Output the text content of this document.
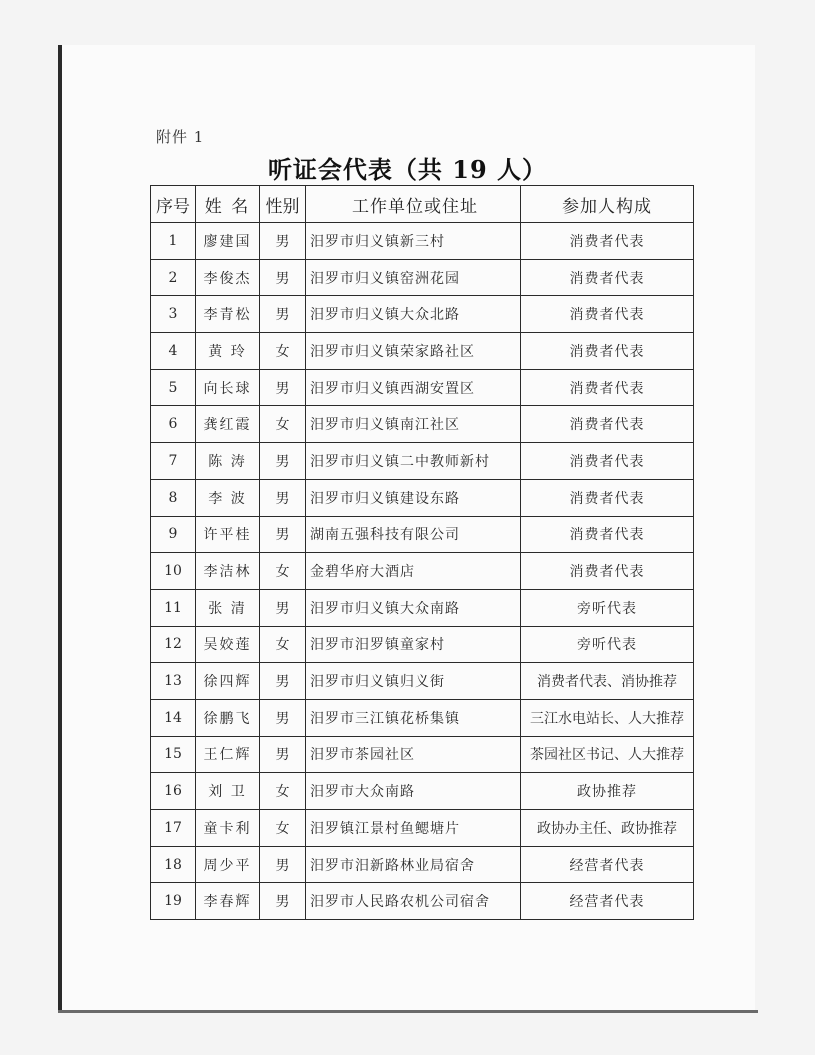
附件 1
听证会代表（共 19 人）
序号	姓 名	性别	工作单位或住址	参加人构成
1	廖建国	男	汨罗市归义镇新三村	消费者代表
2	李俊杰	男	汨罗市归义镇窑洲花园	消费者代表
3	李青松	男	汨罗市归义镇大众北路	消费者代表
4	黄 玲	女	汨罗市归义镇荣家路社区	消费者代表
5	向长球	男	汨罗市归义镇西湖安置区	消费者代表
6	龚红霞	女	汨罗市归义镇南江社区	消费者代表
7	陈 涛	男	汨罗市归义镇二中教师新村	消费者代表
8	李 波	男	汨罗市归义镇建设东路	消费者代表
9	许平桂	男	湖南五强科技有限公司	消费者代表
10	李洁林	女	金碧华府大酒店	消费者代表
11	张 清	男	汨罗市归义镇大众南路	旁听代表
12	吴姣莲	女	汨罗市汨罗镇童家村	旁听代表
13	徐四辉	男	汨罗市归义镇归义街	消费者代表、消协推荐
14	徐鹏飞	男	汨罗市三江镇花桥集镇	三江水电站长、人大推荐
15	王仁辉	男	汨罗市茶园社区	茶园社区书记、人大推荐
16	刘 卫	女	汨罗市大众南路	政协推荐
17	童卡利	女	汨罗镇江景村鱼鳃塘片	政协办主任、政协推荐
18	周少平	男	汨罗市汨新路林业局宿舍	经营者代表
19	李春辉	男	汨罗市人民路农机公司宿舍	经营者代表
